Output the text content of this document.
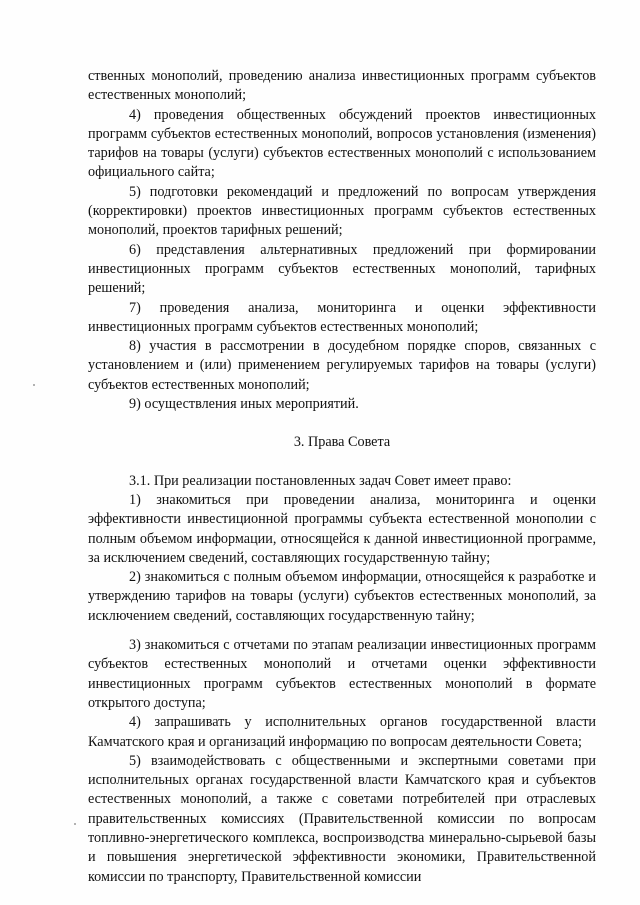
ственных монополий, проведению анализа инвестиционных программ субъектов естественных монополий;

4) проведения общественных обсуждений проектов инвестиционных программ субъектов естественных монополий, вопросов установления (изменения) тарифов на товары (услуги) субъектов естественных монополий с использованием официального сайта;

5) подготовки рекомендаций и предложений по вопросам утверждения (корректировки) проектов инвестиционных программ субъектов естественных монополий, проектов тарифных решений;

6) представления альтернативных предложений при формировании инвестиционных программ субъектов естественных монополий, тарифных решений;

7) проведения анализа, мониторинга и оценки эффективности инвестиционных программ субъектов естественных монополий;

8) участия в рассмотрении в досудебном порядке споров, связанных с установлением и (или) применением регулируемых тарифов на товары (услуги) субъектов естественных монополий;

9) осуществления иных мероприятий.

3. Права Совета

3.1. При реализации постановленных задач Совет имеет право:

1) знакомиться при проведении анализа, мониторинга и оценки эффективности инвестиционной программы субъекта естественной монополии с полным объемом информации, относящейся к данной инвестиционной программе, за исключением сведений, составляющих государственную тайну;

2) знакомиться с полным объемом информации, относящейся к разработке и утверждению тарифов на товары (услуги) субъектов естественных монополий, за исключением сведений, составляющих государственную тайну;

3) знакомиться с отчетами по этапам реализации инвестиционных программ субъектов естественных монополий и отчетами оценки эффективности инвестиционных программ субъектов естественных монополий в формате открытого доступа;

4) запрашивать у исполнительных органов государственной власти Камчатского края и организаций информацию по вопросам деятельности Совета;

5) взаимодействовать с общественными и экспертными советами при исполнительных органах государственной власти Камчатского края и субъектов естественных монополий, а также с советами потребителей при отраслевых правительственных комиссиях (Правительственной комиссии по вопросам топливно-энергетического комплекса, воспроизводства минерально-сырьевой базы и повышения энергетической эффективности экономики, Правительственной комиссии по транспорту, Правительственной комиссии
